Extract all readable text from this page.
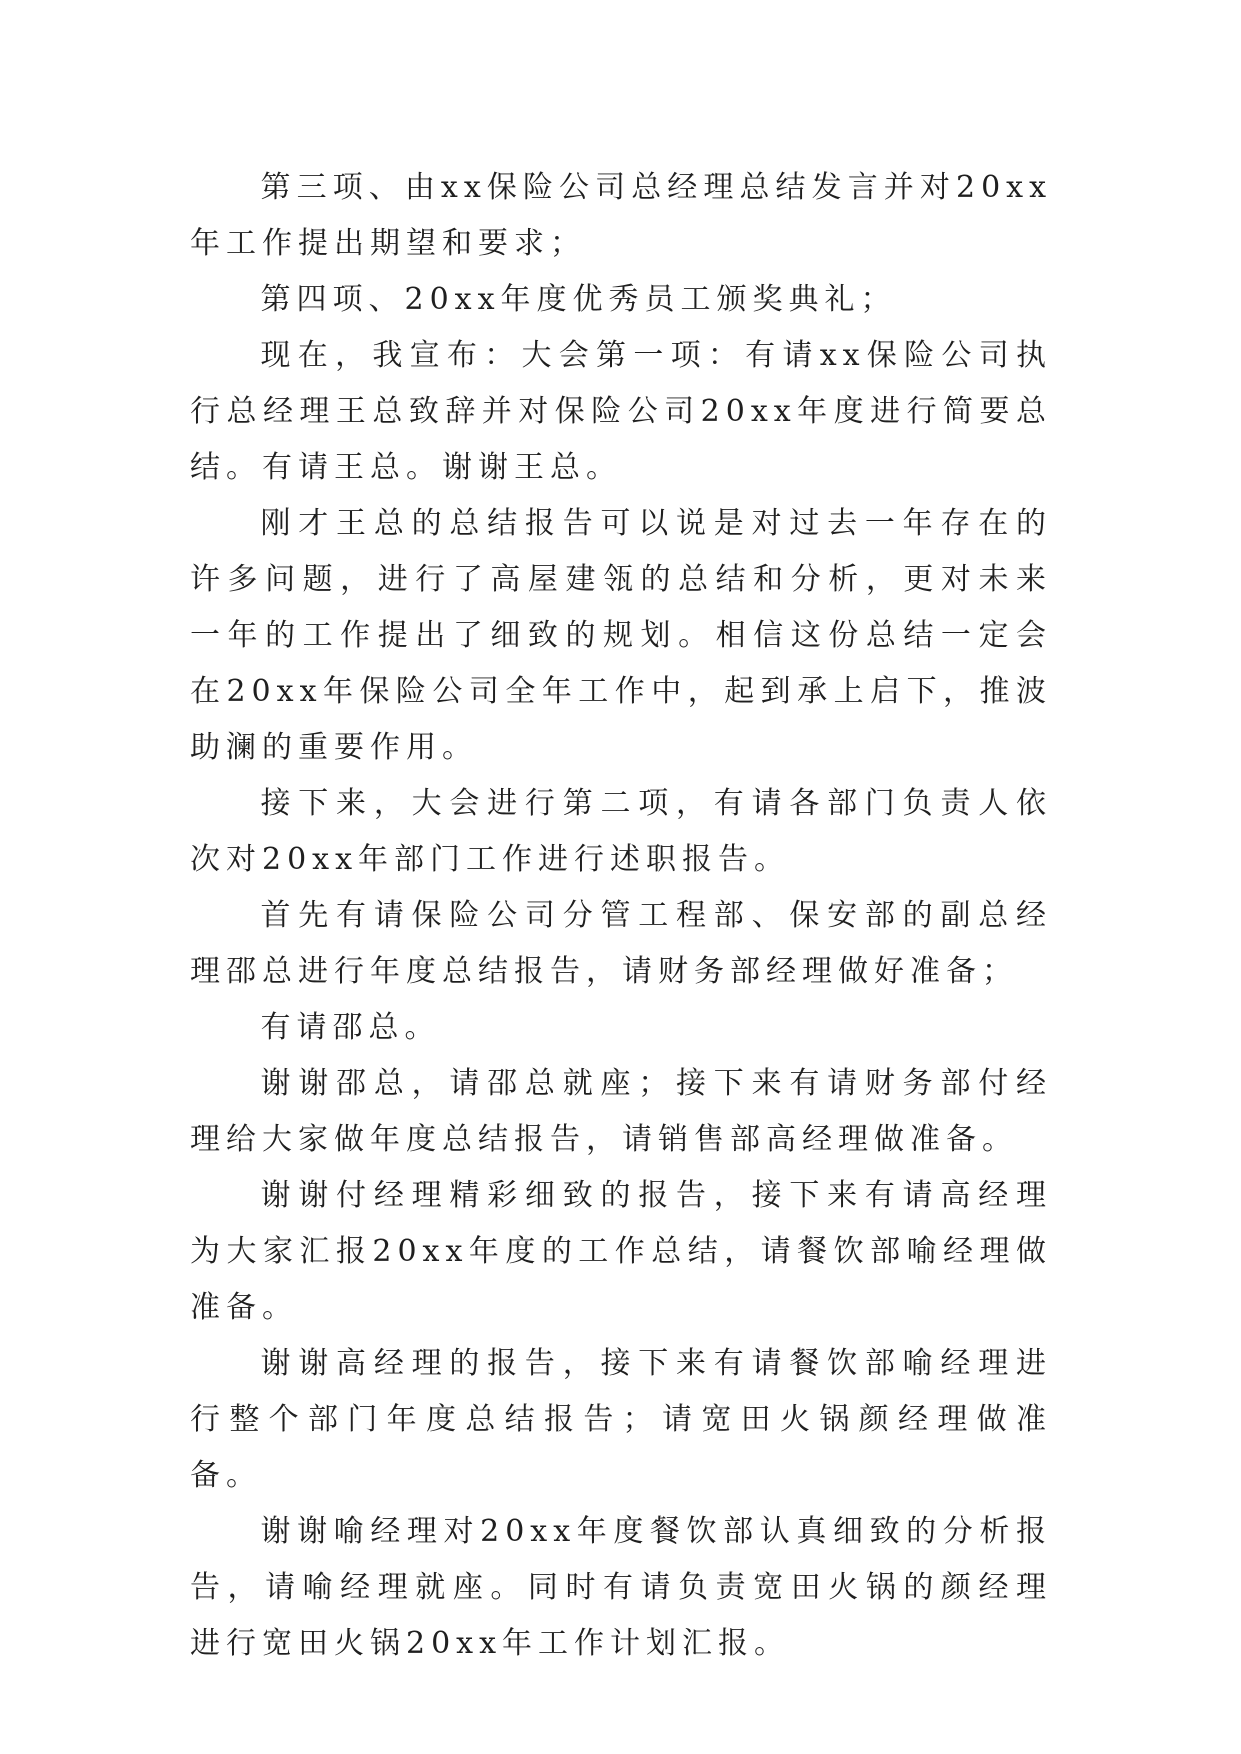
第三项、由xx保险公司总经理总结发言并对20xx年工作提出期望和要求；

第四项、20xx年度优秀员工颁奖典礼；

现在，我宣布：大会第一项：有请xx保险公司执行总经理王总致辞并对保险公司20xx年度进行简要总结。有请王总。谢谢王总。

刚才王总的总结报告可以说是对过去一年存在的许多问题，进行了高屋建瓴的总结和分析，更对未来一年的工作提出了细致的规划。相信这份总结一定会在20xx年保险公司全年工作中，起到承上启下，推波助澜的重要作用。

接下来，大会进行第二项，有请各部门负责人依次对20xx年部门工作进行述职报告。

首先有请保险公司分管工程部、保安部的副总经理邵总进行年度总结报告，请财务部经理做好准备；

有请邵总。

谢谢邵总，请邵总就座；接下来有请财务部付经理给大家做年度总结报告，请销售部高经理做准备。

谢谢付经理精彩细致的报告，接下来有请高经理为大家汇报20xx年度的工作总结，请餐饮部喻经理做准备。

谢谢高经理的报告，接下来有请餐饮部喻经理进行整个部门年度总结报告；请宽田火锅颜经理做准备。

谢谢喻经理对20xx年度餐饮部认真细致的分析报告，请喻经理就座。同时有请负责宽田火锅的颜经理进行宽田火锅20xx年工作计划汇报。
